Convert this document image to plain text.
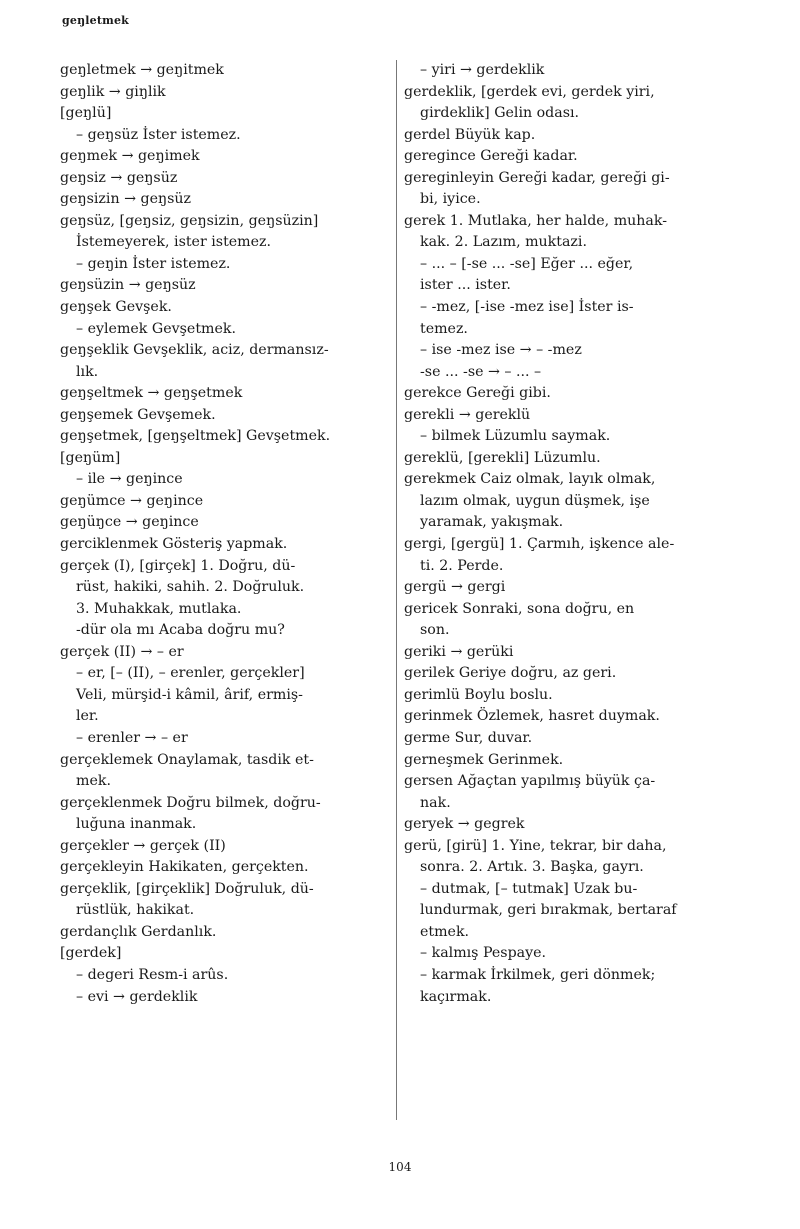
geŋletmek
geŋletmek → geŋitmek
geŋlik → giŋlik
[geŋlü]
– geŋsüz İster istemez.
geŋmek → geŋimek
geŋsiz → geŋsüz
geŋsizin → geŋsüz
geŋsüz, [geŋsiz, geŋsizin, geŋsüzin]
İstemeyerek, ister istemez.
– geŋin İster istemez.
geŋsüzin → geŋsüz
geŋşek Gevşek.
– eylemek Gevşetmek.
geŋşeklik Gevşeklik, aciz, dermansız-
lık.
geŋşeltmek → geŋşetmek
geŋşemek Gevşemek.
geŋşetmek, [geŋşeltmek] Gevşetmek.
[geŋüm]
– ile → geŋince
geŋümce → geŋince
geŋüŋce → geŋince
gerciklenmek Gösteriş yapmak.
gerçek (I), [girçek] 1. Doğru, dü-
rüst, hakiki, sahih. 2. Doğruluk.
3. Muhakkak, mutlaka.
-dür ola mı Acaba doğru mu?
gerçek (II) → – er
– er, [– (II), – erenler, gerçekler]
Veli, mürşid-i kâmil, ârif, ermiş-
ler.
– erenler → – er
gerçeklemek Onaylamak, tasdik et-
mek.
gerçeklenmek Doğru bilmek, doğru-
luğuna inanmak.
gerçekler → gerçek (II)
gerçekleyin Hakikaten, gerçekten.
gerçeklik, [girçeklik] Doğruluk, dü-
rüstlük, hakikat.
gerdançlık Gerdanlık.
[gerdek]
– degeri Resm-i arûs.
– evi → gerdeklik
– yiri → gerdeklik
gerdeklik, [gerdek evi, gerdek yiri,
girdeklik] Gelin odası.
gerdel Büyük kap.
geregince Gereği kadar.
gereginleyin Gereği kadar, gereği gi-
bi, iyice.
gerek 1. Mutlaka, her halde, muhak-
kak. 2. Lazım, muktazi.
– ... – [-se ... -se] Eğer ... eğer,
ister ... ister.
– -mez, [-ise -mez ise] İster is-
temez.
– ise -mez ise → – -mez
-se ... -se → – ... –
gerekce Gereği gibi.
gerekli → gereklü
– bilmek Lüzumlu saymak.
gereklü, [gerekli] Lüzumlu.
gerekmek Caiz olmak, layık olmak,
lazım olmak, uygun düşmek, işe
yaramak, yakışmak.
gergi, [gergü] 1. Çarmıh, işkence ale-
ti. 2. Perde.
gergü → gergi
gericek Sonraki, sona doğru, en
son.
geriki → gerüki
gerilek Geriye doğru, az geri.
gerimlü Boylu boslu.
gerinmek Özlemek, hasret duymak.
germe Sur, duvar.
gerneşmek Gerinmek.
gersen Ağaçtan yapılmış büyük ça-
nak.
geryek → gegrek
gerü, [girü] 1. Yine, tekrar, bir daha,
sonra. 2. Artık. 3. Başka, gayrı.
– dutmak, [– tutmak] Uzak bu-
lundurmak, geri bırakmak, bertaraf
etmek.
– kalmış Pespaye.
– karmak İrkilmek, geri dönmek;
kaçırmak.
104
